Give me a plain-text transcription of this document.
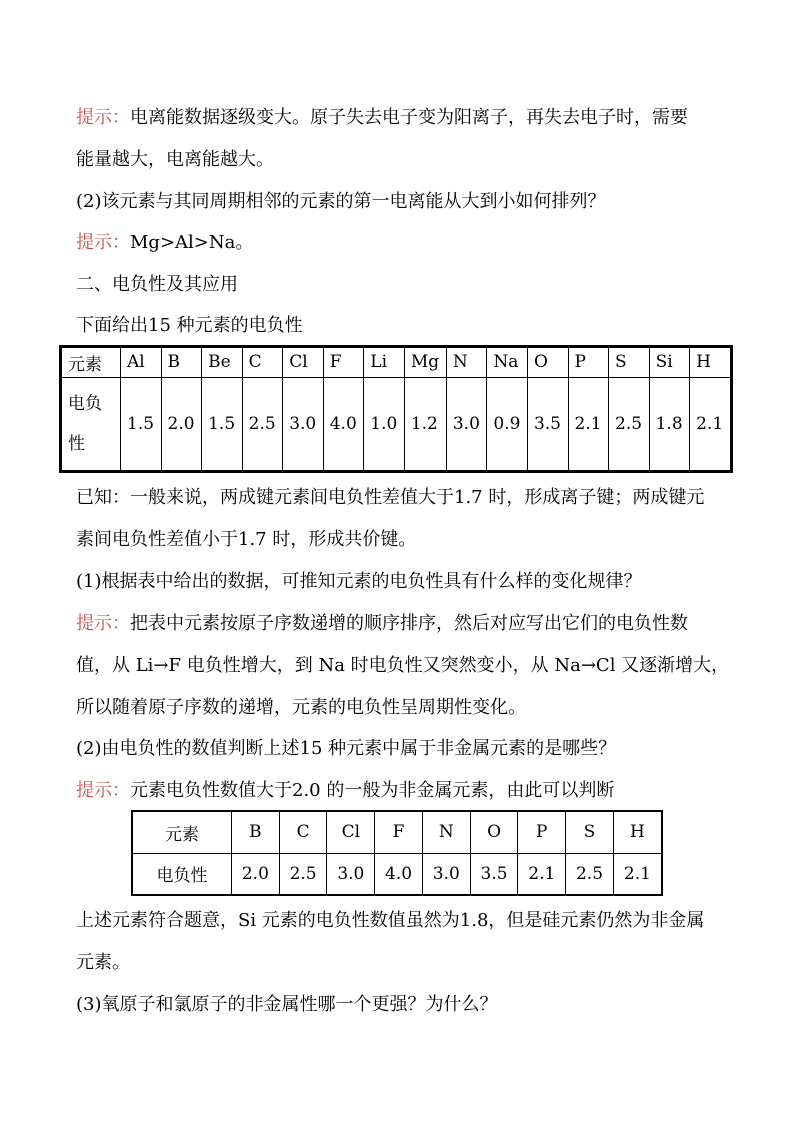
提示：电离能数据逐级变大。原子失去电子变为阳离子，再失去电子时，需要
能量越大，电离能越大。
(2)该元素与其同周期相邻的元素的第一电离能从大到小如何排列？
提示：Mg>Al>Na。
二、电负性及其应用
下面给出15 种元素的电负性
元素	Al	B	Be	C	Cl	F	Li	Mg	N	Na	O	P	S	Si	H
电负
性	1.5	2.0	1.5	2.5	3.0	4.0	1.0	1.2	3.0	0.9	3.5	2.1	2.5	1.8	2.1
已知：一般来说，两成键元素间电负性差值大于1.7 时，形成离子键；两成键元
素间电负性差值小于1.7 时，形成共价键。
(1)根据表中给出的数据，可推知元素的电负性具有什么样的变化规律？
提示：把表中元素按原子序数递增的顺序排序，然后对应写出它们的电负性数
值，从 Li→F 电负性增大，到 Na 时电负性又突然变小，从 Na→Cl 又逐渐增大，
所以随着原子序数的递增，元素的电负性呈周期性变化。
(2)由电负性的数值判断上述15 种元素中属于非金属元素的是哪些？
提示：元素电负性数值大于2.0 的一般为非金属元素，由此可以判断
元素	B	C	Cl	F	N	O	P	S	H
电负性	2.0	2.5	3.0	4.0	3.0	3.5	2.1	2.5	2.1
上述元素符合题意，Si 元素的电负性数值虽然为1.8，但是硅元素仍然为非金属
元素。
(3)氧原子和氯原子的非金属性哪一个更强？为什么？
